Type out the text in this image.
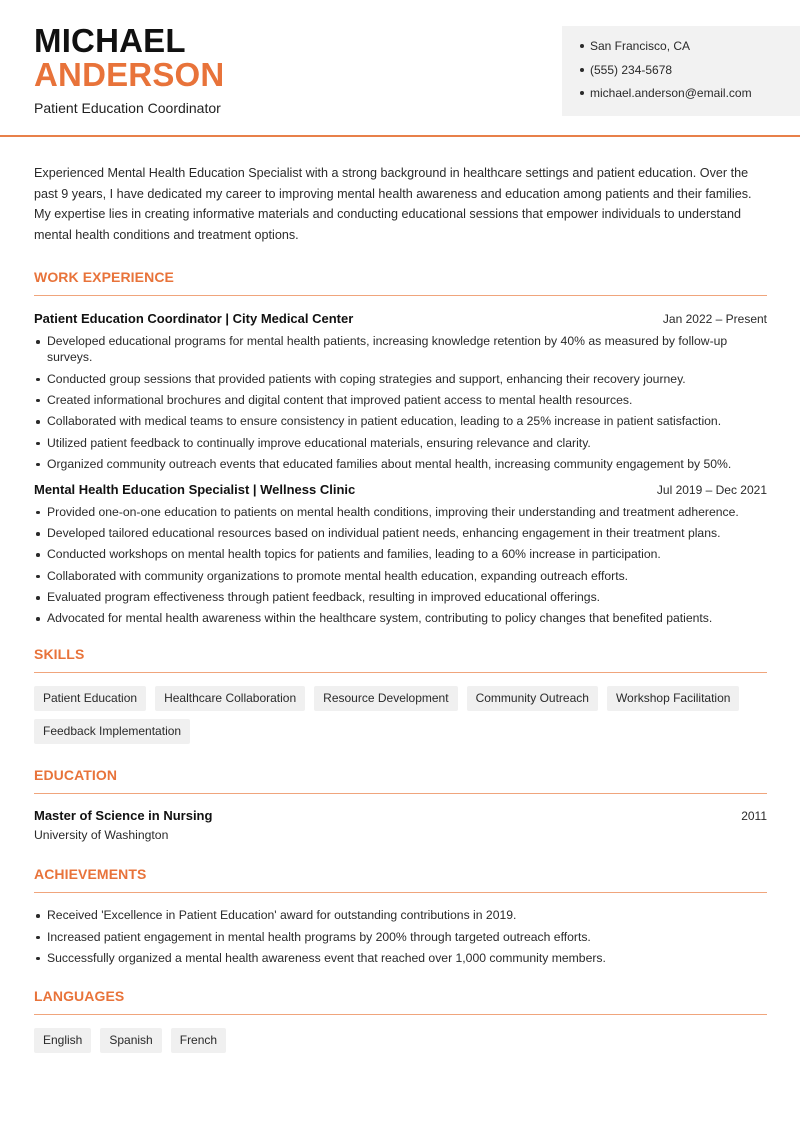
MICHAEL
ANDERSON
Patient Education Coordinator
San Francisco, CA
(555) 234-5678
michael.anderson@email.com

Experienced Mental Health Education Specialist with a strong background in healthcare settings and patient education. Over the past 9 years, I have dedicated my career to improving mental health awareness and education among patients and their families. My expertise lies in creating informative materials and conducting educational sessions that empower individuals to understand mental health conditions and treatment options.

WORK EXPERIENCE
Patient Education Coordinator | City Medical Center	Jan 2022 – Present
Developed educational programs for mental health patients, increasing knowledge retention by 40% as measured by follow-up surveys.
Conducted group sessions that provided patients with coping strategies and support, enhancing their recovery journey.
Created informational brochures and digital content that improved patient access to mental health resources.
Collaborated with medical teams to ensure consistency in patient education, leading to a 25% increase in patient satisfaction.
Utilized patient feedback to continually improve educational materials, ensuring relevance and clarity.
Organized community outreach events that educated families about mental health, increasing community engagement by 50%.
Mental Health Education Specialist | Wellness Clinic	Jul 2019 – Dec 2021
Provided one-on-one education to patients on mental health conditions, improving their understanding and treatment adherence.
Developed tailored educational resources based on individual patient needs, enhancing engagement in their treatment plans.
Conducted workshops on mental health topics for patients and families, leading to a 60% increase in participation.
Collaborated with community organizations to promote mental health education, expanding outreach efforts.
Evaluated program effectiveness through patient feedback, resulting in improved educational offerings.
Advocated for mental health awareness within the healthcare system, contributing to policy changes that benefited patients.
SKILLS
Patient Education	Healthcare Collaboration	Resource Development	Community Outreach	Workshop Facilitation
Feedback Implementation
EDUCATION
Master of Science in Nursing	2011
University of Washington
ACHIEVEMENTS
Received 'Excellence in Patient Education' award for outstanding contributions in 2019.
Increased patient engagement in mental health programs by 200% through targeted outreach efforts.
Successfully organized a mental health awareness event that reached over 1,000 community members.
LANGUAGES
English	Spanish	French
